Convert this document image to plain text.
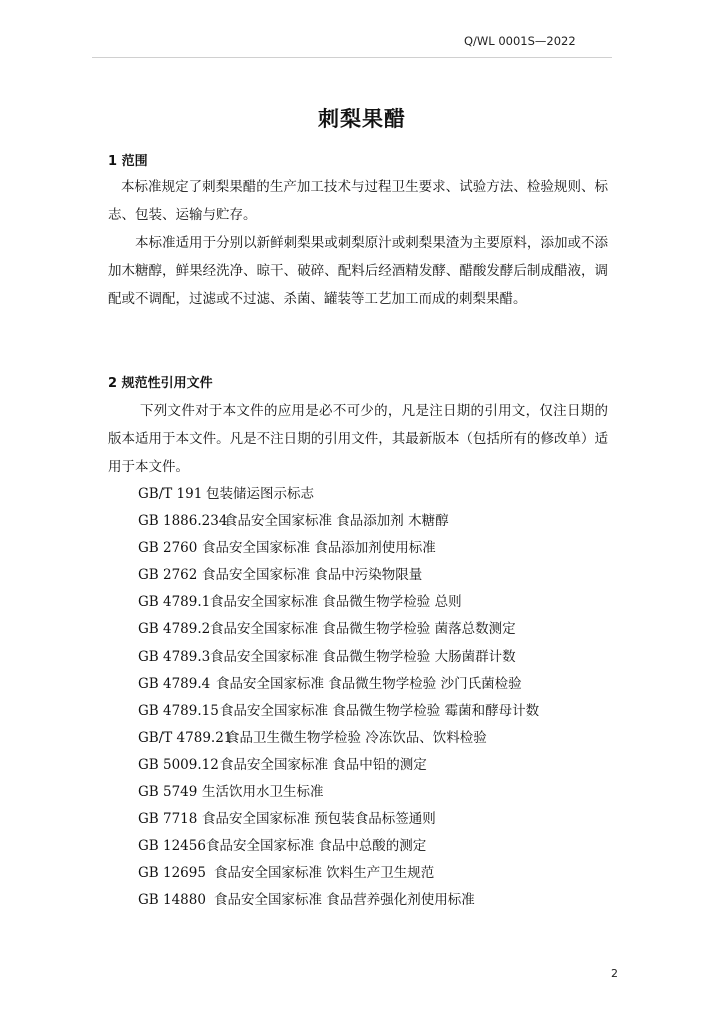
Q/WL 0001S—2022
刺梨果醋
1 范围

本标准规定了刺梨果醋的生产加工技术与过程卫生要求、试验方法、检验规则、标志、包装、运输与贮存。

本标准适用于分别以新鲜刺梨果或刺梨原汁或刺梨果渣为主要原料，添加或不添加木糖醇，鲜果经洗净、晾干、破碎、配料后经酒精发酵、醋酸发酵后制成醋液，调配或不调配，过滤或不过滤、杀菌、罐装等工艺加工而成的刺梨果醋。

2 规范性引用文件

下列文件对于本文件的应用是必不可少的，凡是注日期的引用文，仅注日期的版本适用于本文件。凡是不注日期的引用文件，其最新版本（包括所有的修改单）适用于本文件。

GB/T 191 包装储运图示标志
GB 1886.234食品安全国家标准 食品添加剂 木糖醇
GB 2760 食品安全国家标准 食品添加剂使用标准
GB 2762 食品安全国家标准 食品中污染物限量
GB 4789.1食品安全国家标准 食品微生物学检验 总则
GB 4789.2食品安全国家标准 食品微生物学检验 菌落总数测定
GB 4789.3食品安全国家标准 食品微生物学检验 大肠菌群计数
GB 4789.4 食品安全国家标准 食品微生物学检验 沙门氏菌检验
GB 4789.15食品安全国家标准 食品微生物学检验 霉菌和酵母计数
GB/T 4789.21食品卫生微生物学检验 冷冻饮品、饮料检验
GB 5009.12食品安全国家标准 食品中铅的测定
GB 5749 生活饮用水卫生标准
GB 7718 食品安全国家标准 预包装食品标签通则
GB 12456食品安全国家标准 食品中总酸的测定
GB 12695 食品安全国家标准 饮料生产卫生规范
GB 14880 食品安全国家标准 食品营养强化剂使用标准
2
